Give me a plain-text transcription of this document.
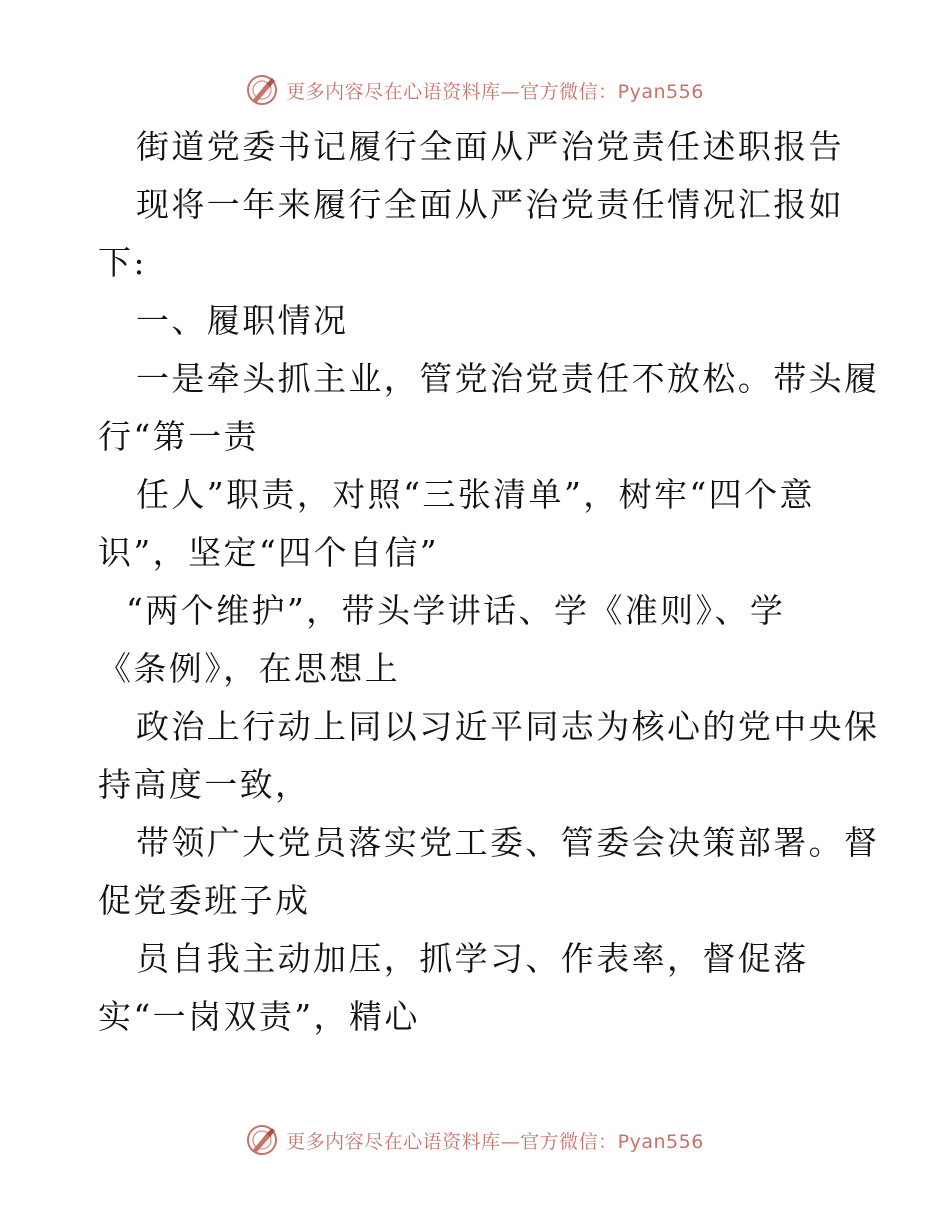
更多内容尽在心语资料库—官方微信：Pyan556
街道党委书记履行全面从严治党责任述职报告
现将一年来履行全面从严治党责任情况汇报如
下:
一、履职情况
一是牵头抓主业，管党治党责任不放松。带头履
行“第一责
任人”职责，对照“三张清单”，树牢“四个意
识”，坚定“四个自信”
“两个维护”，带头学讲话、学《准则》、学
《条例》，在思想上
政治上行动上同以习近平同志为核心的党中央保
持高度一致，
带领广大党员落实党工委、管委会决策部署。督
促党委班子成
员自我主动加压，抓学习、作表率，督促落
实“一岗双责”，精心
更多内容尽在心语资料库—官方微信：Pyan556
